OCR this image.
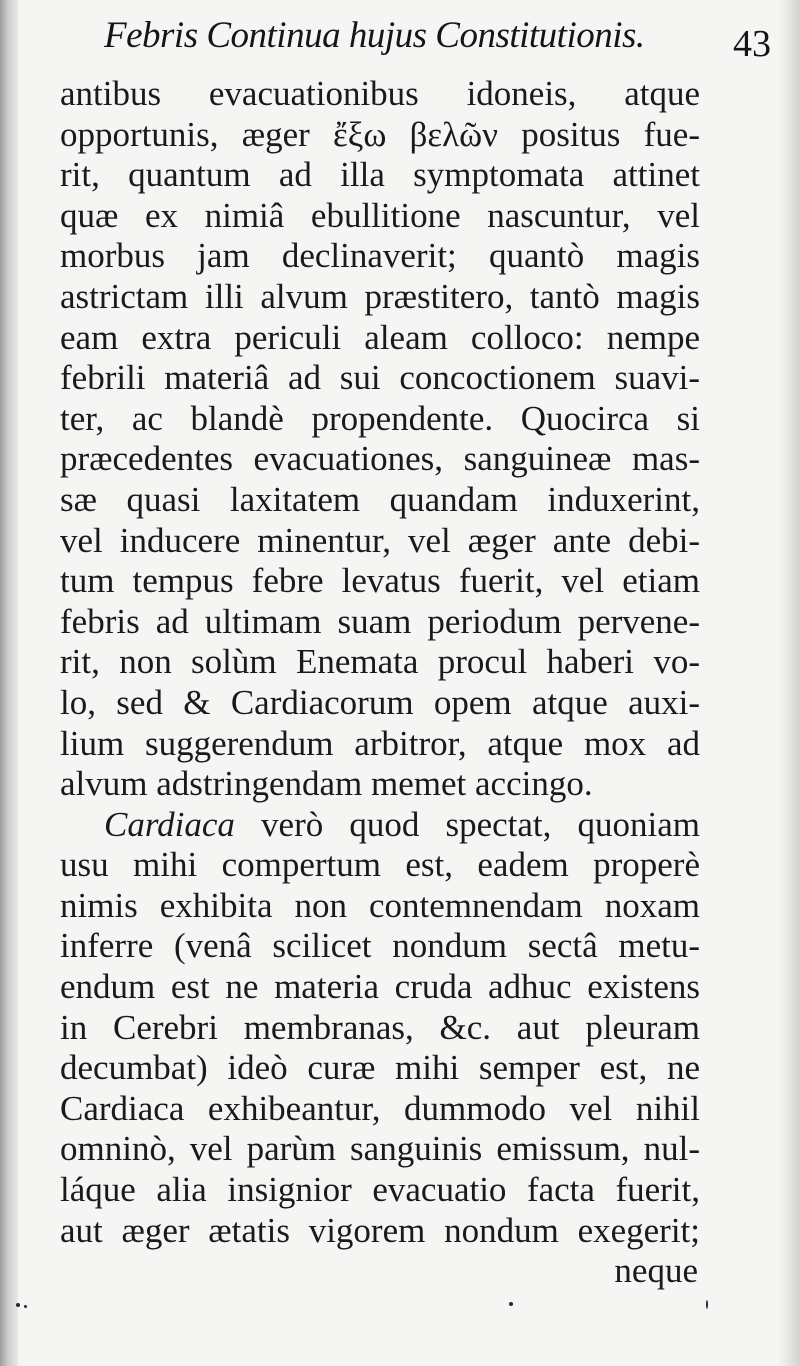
Febris Continua hujus Constitutionis. 43
antibus evacuationibus idoneis, atque
opportunis, æger ἔξω βελῶν positus fue-
rit, quantum ad illa symptomata attinet
quæ ex nimiâ ebullitione nascuntur, vel
morbus jam declinaverit; quantò magis
astrictam illi alvum præstitero, tantò magis
eam extra periculi aleam colloco: nempe
febrili materiâ ad sui concoctionem suavi-
ter, ac blandè propendente. Quocirca si
præcedentes evacuationes, sanguineæ mas-
sæ quasi laxitatem quandam induxerint,
vel inducere minentur, vel æger ante debi-
tum tempus febre levatus fuerit, vel etiam
febris ad ultimam suam periodum pervene-
rit, non solùm Enemata procul haberi vo-
lo, sed & Cardiacorum opem atque auxi-
lium suggerendum arbitror, atque mox ad
alvum adstringendam memet accingo.
Cardiaca verò quod spectat, quoniam
usu mihi compertum est, eadem properè
nimis exhibita non contemnendam noxam
inferre (venâ scilicet nondum sectâ metu-
endum est ne materia cruda adhuc existens
in Cerebri membranas, &c. aut pleuram
decumbat) ideò curæ mihi semper est, ne
Cardiaca exhibeantur, dummodo vel nihil
omninò, vel parùm sanguinis emissum, nul-
láque alia insignior evacuatio facta fuerit,
aut æger ætatis vigorem nondum exegerit;
neque
